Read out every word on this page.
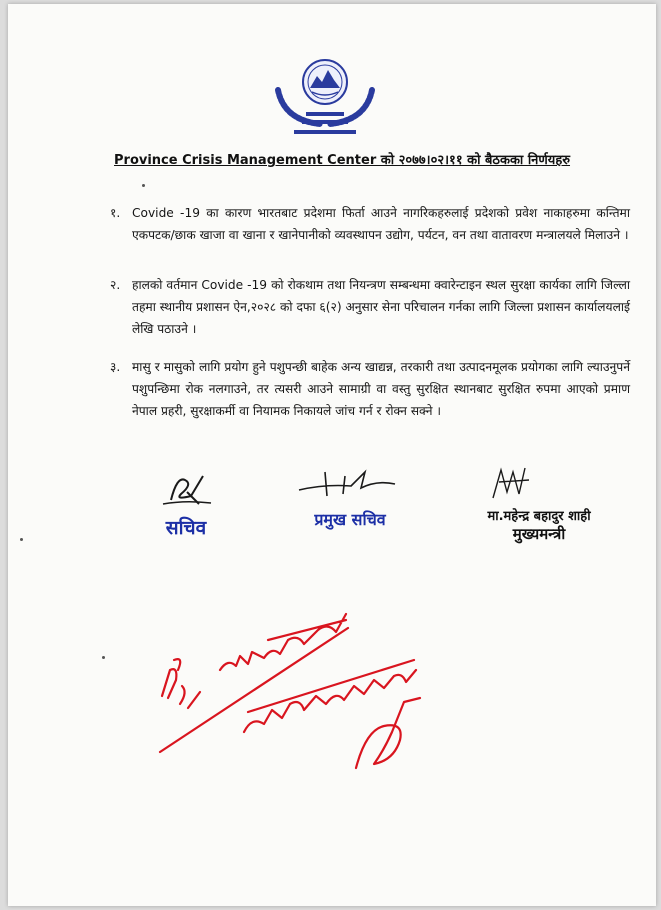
Province Crisis Management Center को २०७७।०२।११ को बैठकका निर्णयहरु
१. Covide -19 का कारण भारतबाट प्रदेशमा फिर्ता आउने नागरिकहरुलाई प्रदेशको प्रवेश नाकाहरुमा कन्तिमा एकपटक/छाक खाजा वा खाना र खानेपानीको व्यवस्थापन उद्योग, पर्यटन, वन तथा वातावरण मन्त्रालयले मिलाउने ।
२. हालको वर्तमान Covide -19 को रोकथाम तथा नियन्त्रण सम्बन्धमा क्वारेन्टाइन स्थल सुरक्षा कार्यका लागि जिल्ला तहमा स्थानीय प्रशासन ऐन,२०२८ को दफा ६(२) अनुसार सेना परिचालन गर्नका लागि जिल्ला प्रशासन कार्यालयलाई लेखि पठाउने ।
३. मासु र मासुको लागि प्रयोग हुने पशुपन्छी बाहेक अन्य खाद्यन्न, तरकारी तथा उत्पादनमूलक प्रयोगका लागि ल्याउनुपर्ने पशुपन्छिमा रोक नलगाउने, तर त्यसरी आउने सामाग्री वा वस्तु सुरक्षित स्थानबाट सुरक्षित रुपमा आएको प्रमाण नेपाल प्रहरी, सुरक्षाकर्मी वा नियामक निकायले जांच गर्न र रोक्न सक्ने ।
सचिव	प्रमुख सचिव	मा.महेन्द्र बहादुर शाही
मुख्यमन्त्री
